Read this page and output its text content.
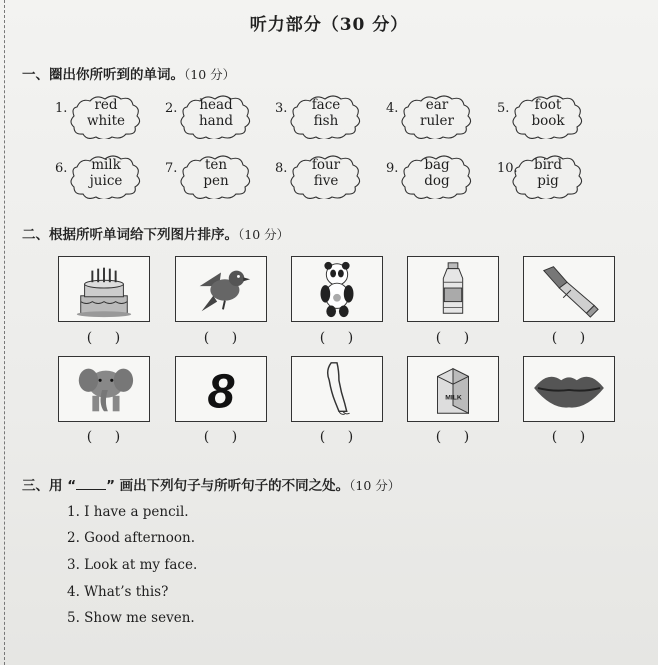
听力部分（30 分）
一、圈出你所听到的单词。（10 分）
1.	red
white
2.	head
hand
3.	face
fish
4.	ear
ruler
5.	foot
book
6.	milk
juice
7.	ten
pen
8.	four
five
9.	bag
dog
10.	bird
pig
二、根据所听单词给下列图片排序。（10 分）
( )	( )	( )	( )	( )
8	MILK
( )	( )	( )	( )	( )
三、用 “ ” 画出下列句子与所听句子的不同之处。（10 分）
1. I have a pencil.
2. Good afternoon.
3. Look at my face.
4. What’s this?
5. Show me seven.
